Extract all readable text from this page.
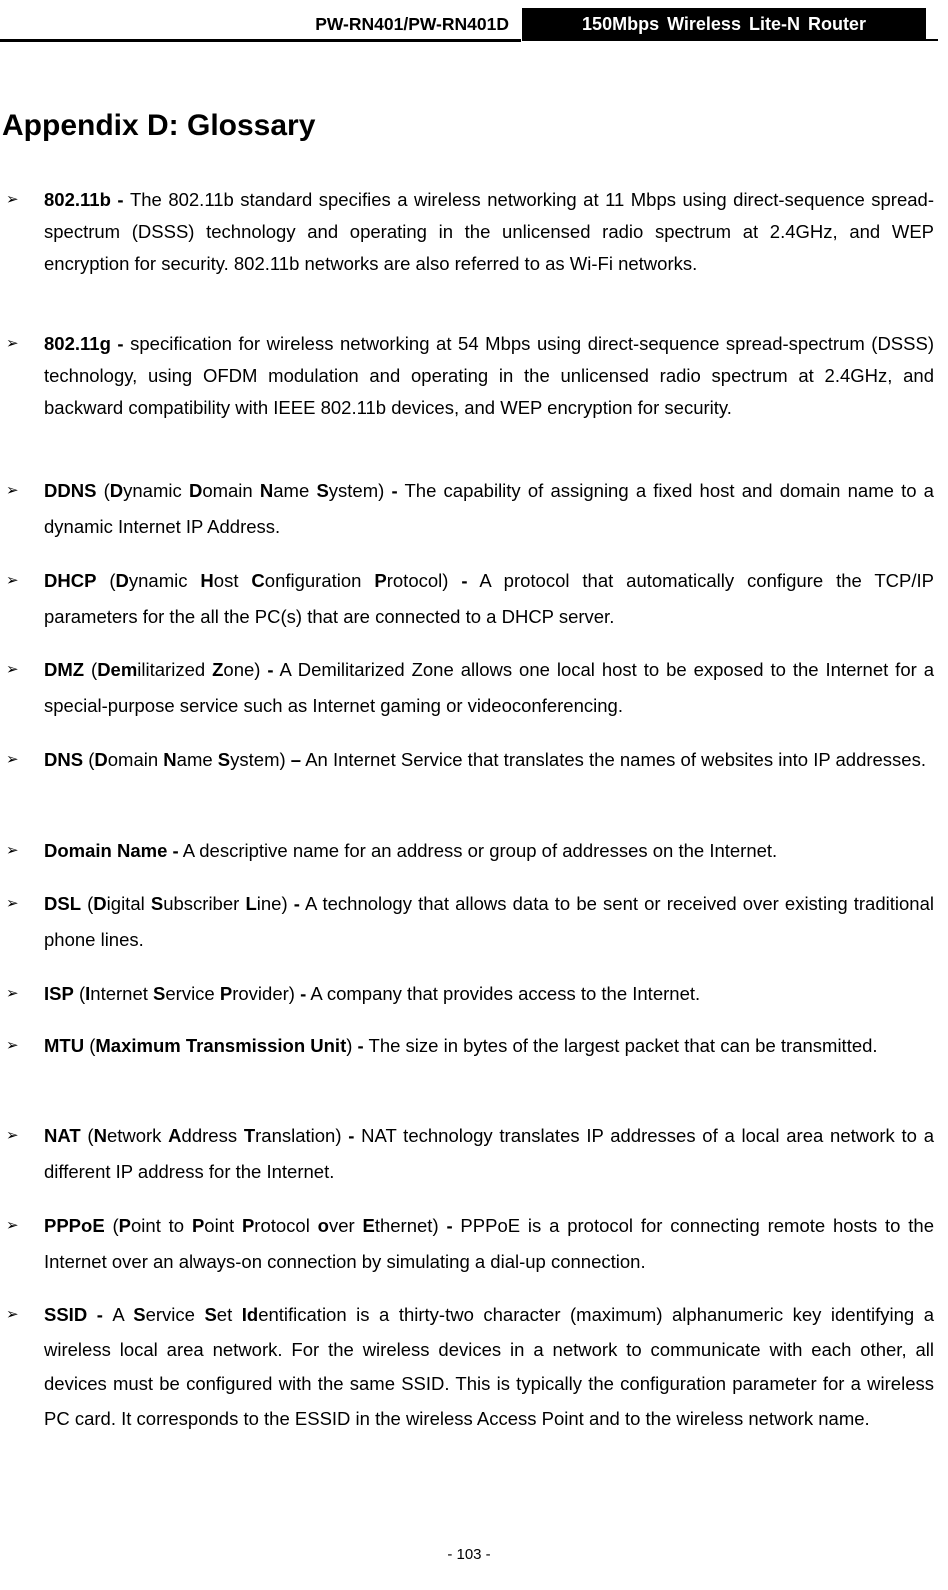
PW-RN401/PW-RN401D	150Mbps Wireless Lite-N Router
Appendix D: Glossary
➢ 802.11b - The 802.11b standard specifies a wireless networking at 11 Mbps using direct-sequence spread-spectrum (DSSS) technology and operating in the unlicensed radio spectrum at 2.4GHz, and WEP encryption for security. 802.11b networks are also referred to as Wi-Fi networks.
➢ 802.11g - specification for wireless networking at 54 Mbps using direct-sequence spread-spectrum (DSSS) technology, using OFDM modulation and operating in the unlicensed radio spectrum at 2.4GHz, and backward compatibility with IEEE 802.11b devices, and WEP encryption for security.
➢ DDNS (Dynamic Domain Name System) - The capability of assigning a fixed host and domain name to a dynamic Internet IP Address.
➢ DHCP (Dynamic Host Configuration Protocol) - A protocol that automatically configure the TCP/IP parameters for the all the PC(s) that are connected to a DHCP server.
➢ DMZ (Demilitarized Zone) - A Demilitarized Zone allows one local host to be exposed to the Internet for a special-purpose service such as Internet gaming or videoconferencing.
➢ DNS (Domain Name System) – An Internet Service that translates the names of websites into IP addresses.
➢ Domain Name - A descriptive name for an address or group of addresses on the Internet.
➢ DSL (Digital Subscriber Line) - A technology that allows data to be sent or received over existing traditional phone lines.
➢ ISP (Internet Service Provider) - A company that provides access to the Internet.
➢ MTU (Maximum Transmission Unit) - The size in bytes of the largest packet that can be transmitted.
➢ NAT (Network Address Translation) - NAT technology translates IP addresses of a local area network to a different IP address for the Internet.
➢ PPPoE (Point to Point Protocol over Ethernet) - PPPoE is a protocol for connecting remote hosts to the Internet over an always-on connection by simulating a dial-up connection.
➢ SSID - A Service Set Identification is a thirty-two character (maximum) alphanumeric key identifying a wireless local area network. For the wireless devices in a network to communicate with each other, all devices must be configured with the same SSID. This is typically the configuration parameter for a wireless PC card. It corresponds to the ESSID in the wireless Access Point and to the wireless network name.
- 103 -
